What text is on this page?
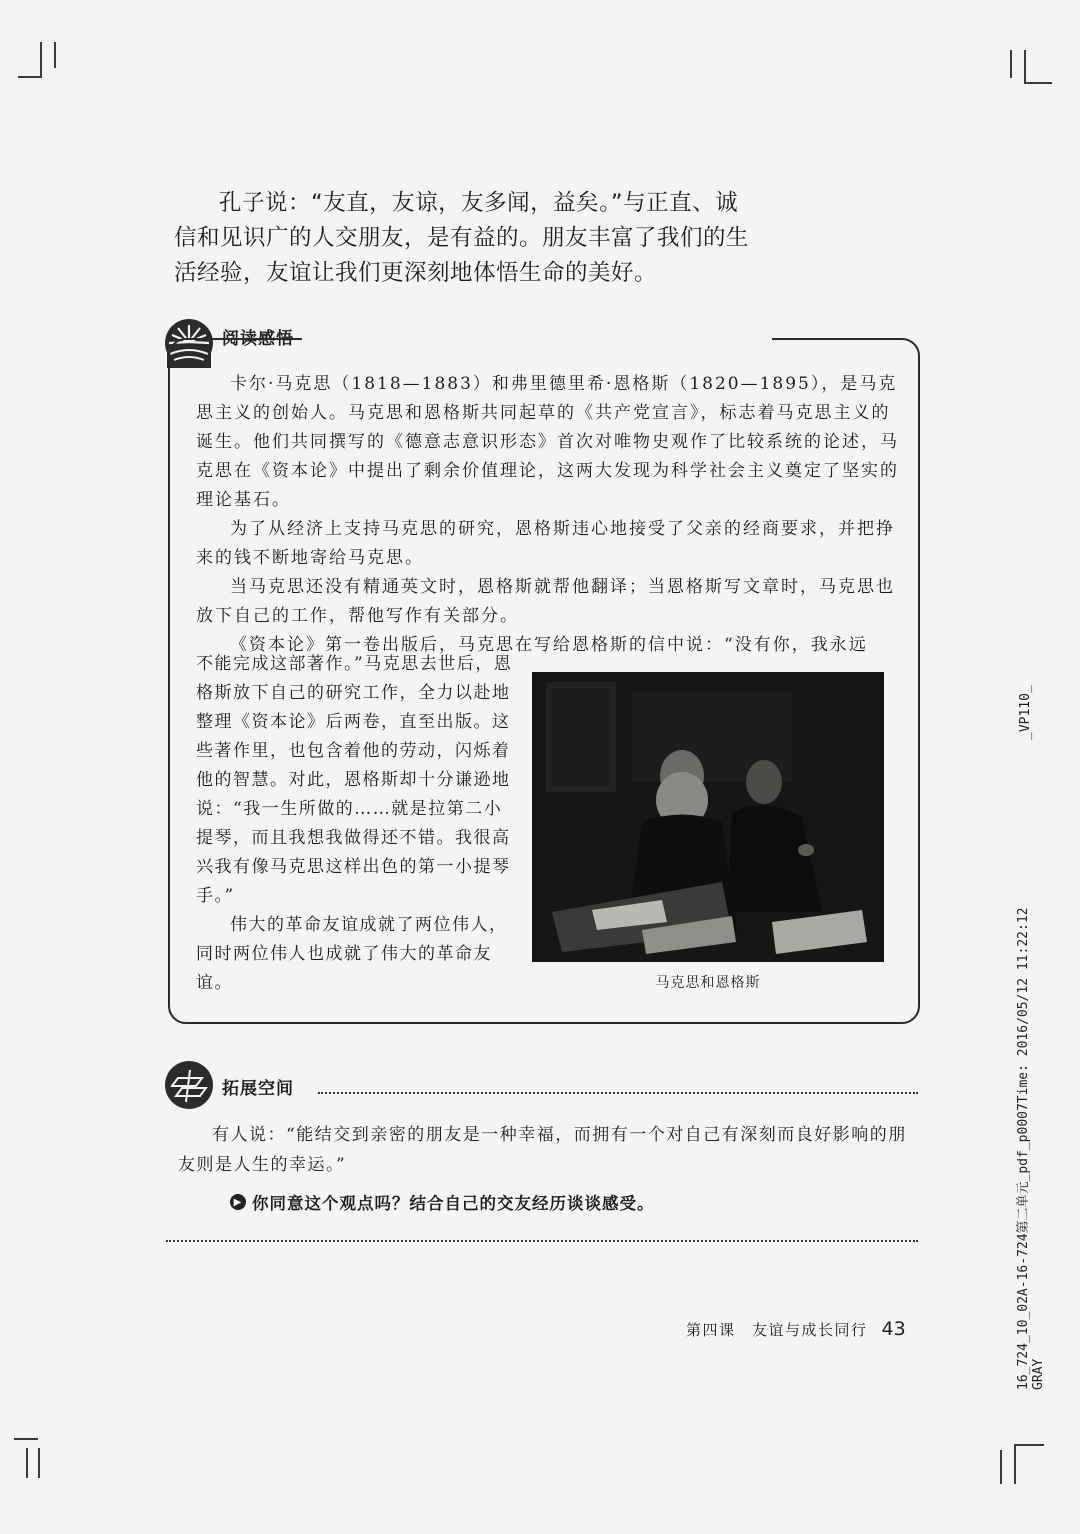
孔子说：“友直，友谅，友多闻，益矣。”与正直、诚信和见识广的人交朋友，是有益的。朋友丰富了我们的生活经验，友谊让我们更深刻地体悟生命的美好。

阅读感悟

卡尔·马克思（1818—1883）和弗里德里希·恩格斯（1820—1895），是马克思主义的创始人。马克思和恩格斯共同起草的《共产党宣言》，标志着马克思主义的诞生。他们共同撰写的《德意志意识形态》首次对唯物史观作了比较系统的论述，马克思在《资本论》中提出了剩余价值理论，这两大发现为科学社会主义奠定了坚实的理论基石。

为了从经济上支持马克思的研究，恩格斯违心地接受了父亲的经商要求，并把挣来的钱不断地寄给马克思。

当马克思还没有精通英文时，恩格斯就帮他翻译；当恩格斯写文章时，马克思也放下自己的工作，帮他写作有关部分。

《资本论》第一卷出版后，马克思在写给恩格斯的信中说：“没有你，我永远

不能完成这部著作。”马克思去世后，恩格斯放下自己的研究工作，全力以赴地整理《资本论》后两卷，直至出版。这些著作里，也包含着他的劳动，闪烁着他的智慧。对此，恩格斯却十分谦逊地说：“我一生所做的……就是拉第二小提琴，而且我想我做得还不错。我很高兴我有像马克思这样出色的第一小提琴手。”

伟大的革命友谊成就了两位伟人，同时两位伟人也成就了伟大的革命友谊。	马克思和恩格斯
拓展空间

有人说：“能结交到亲密的朋友是一种幸福，而拥有一个对自己有深刻而良好影响的朋友则是人生的幸运。”

▶ 你同意这个观点吗？结合自己的交友经历谈谈感受。
第四课　友谊与成长同行 43
_VP110_
16_724_10_02A-16-724第二单元_pdf_p0007Time: 2016/05/12 11:22:12 GRAY
